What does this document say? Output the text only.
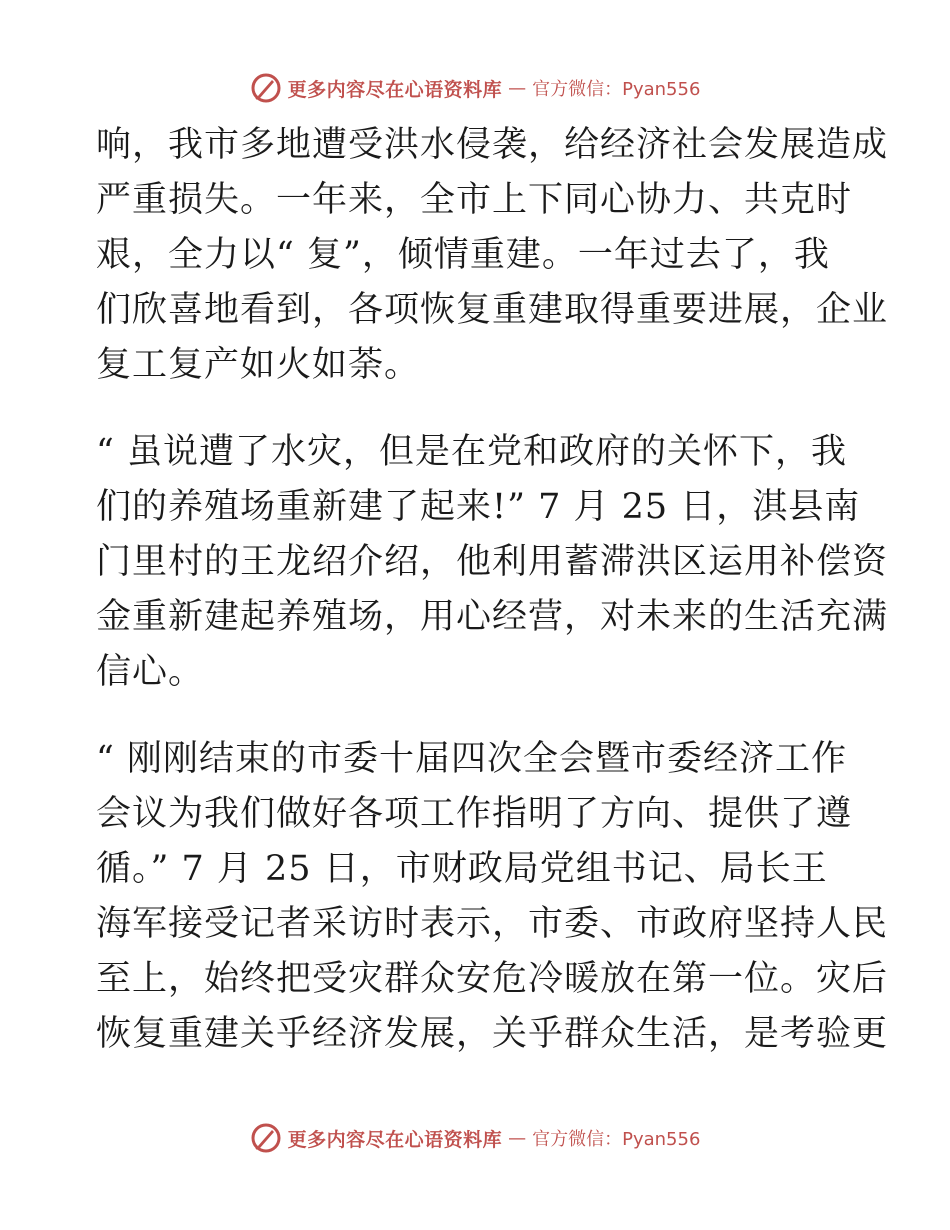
更多内容尽在心语资料库 — 官方微信：Pyan556
响，我市多地遭受洪水侵袭，给经济社会发展造成
严重损失。一年来，全市上下同心协力、共克时
艰，全力以“ 复”，倾情重建。一年过去了，我
们欣喜地看到，各项恢复重建取得重要进展，企业
复工复产如火如荼。
“ 虽说遭了水灾，但是在党和政府的关怀下，我
们的养殖场重新建了起来!” 7 月 25 日，淇县南
门里村的王龙绍介绍，他利用蓄滞洪区运用补偿资
金重新建起养殖场，用心经营，对未来的生活充满
信心。
“ 刚刚结束的市委十届四次全会暨市委经济工作
会议为我们做好各项工作指明了方向、提供了遵
循。” 7 月 25 日，市财政局党组书记、局长王
海军接受记者采访时表示，市委、市政府坚持人民
至上，始终把受灾群众安危冷暖放在第一位。灾后
恢复重建关乎经济发展，关乎群众生活，是考验更
更多内容尽在心语资料库 — 官方微信：Pyan556
